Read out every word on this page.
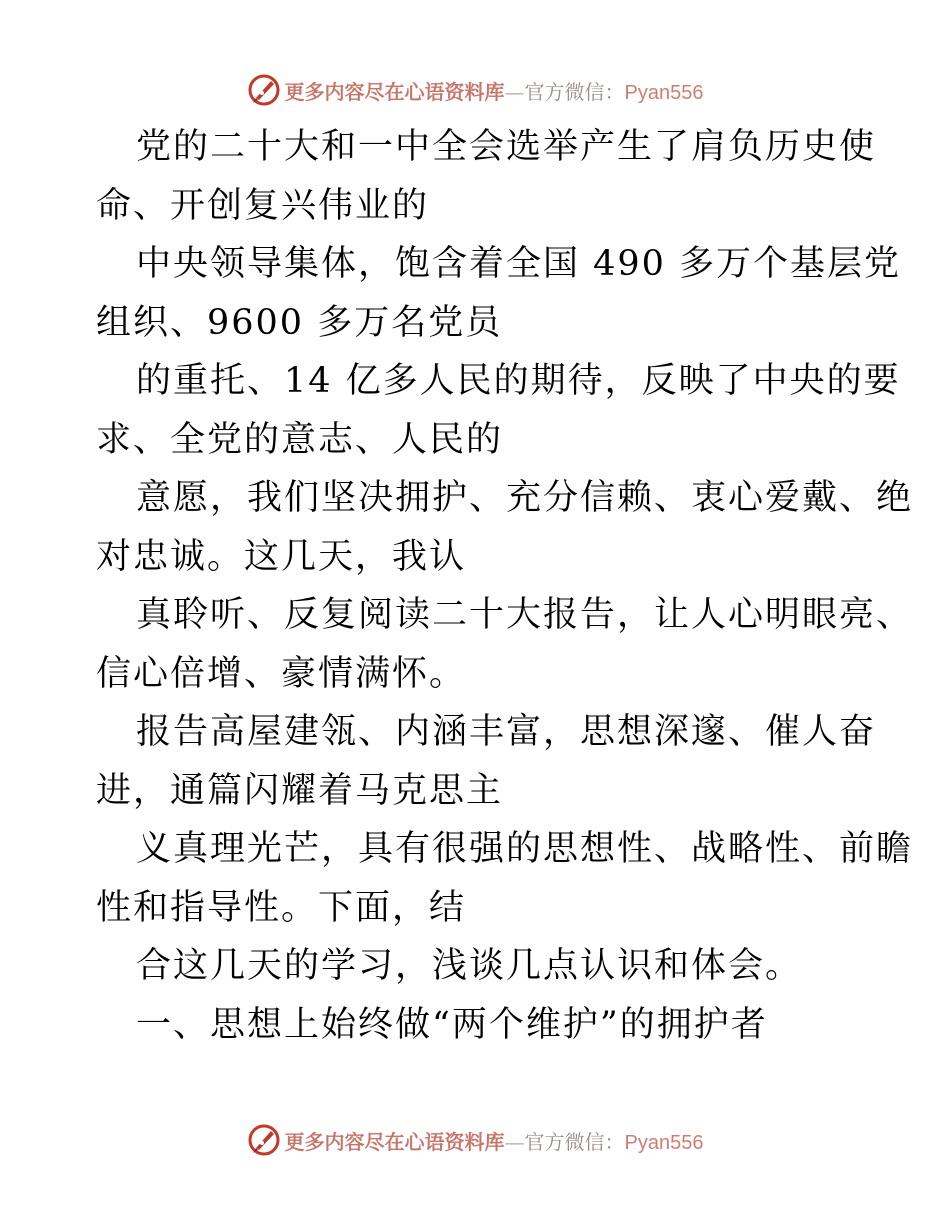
更多内容尽在心语资料库 — 官方微信： Pyan556
党的二十大和一中全会选举产生了肩负历史使
命、开创复兴伟业的
中央领导集体，饱含着全国 490 多万个基层党
组织、9600 多万名党员
的重托、14 亿多人民的期待，反映了中央的要
求、全党的意志、人民的
意愿，我们坚决拥护、充分信赖、衷心爱戴、绝
对忠诚。这几天，我认
真聆听、反复阅读二十大报告，让人心明眼亮、
信心倍增、豪情满怀。
报告高屋建瓴、内涵丰富，思想深邃、催人奋
进，通篇闪耀着马克思主
义真理光芒，具有很强的思想性、战略性、前瞻
性和指导性。下面，结
合这几天的学习，浅谈几点认识和体会。
一、思想上始终做“两个维护”的拥护者
更多内容尽在心语资料库 — 官方微信： Pyan556
